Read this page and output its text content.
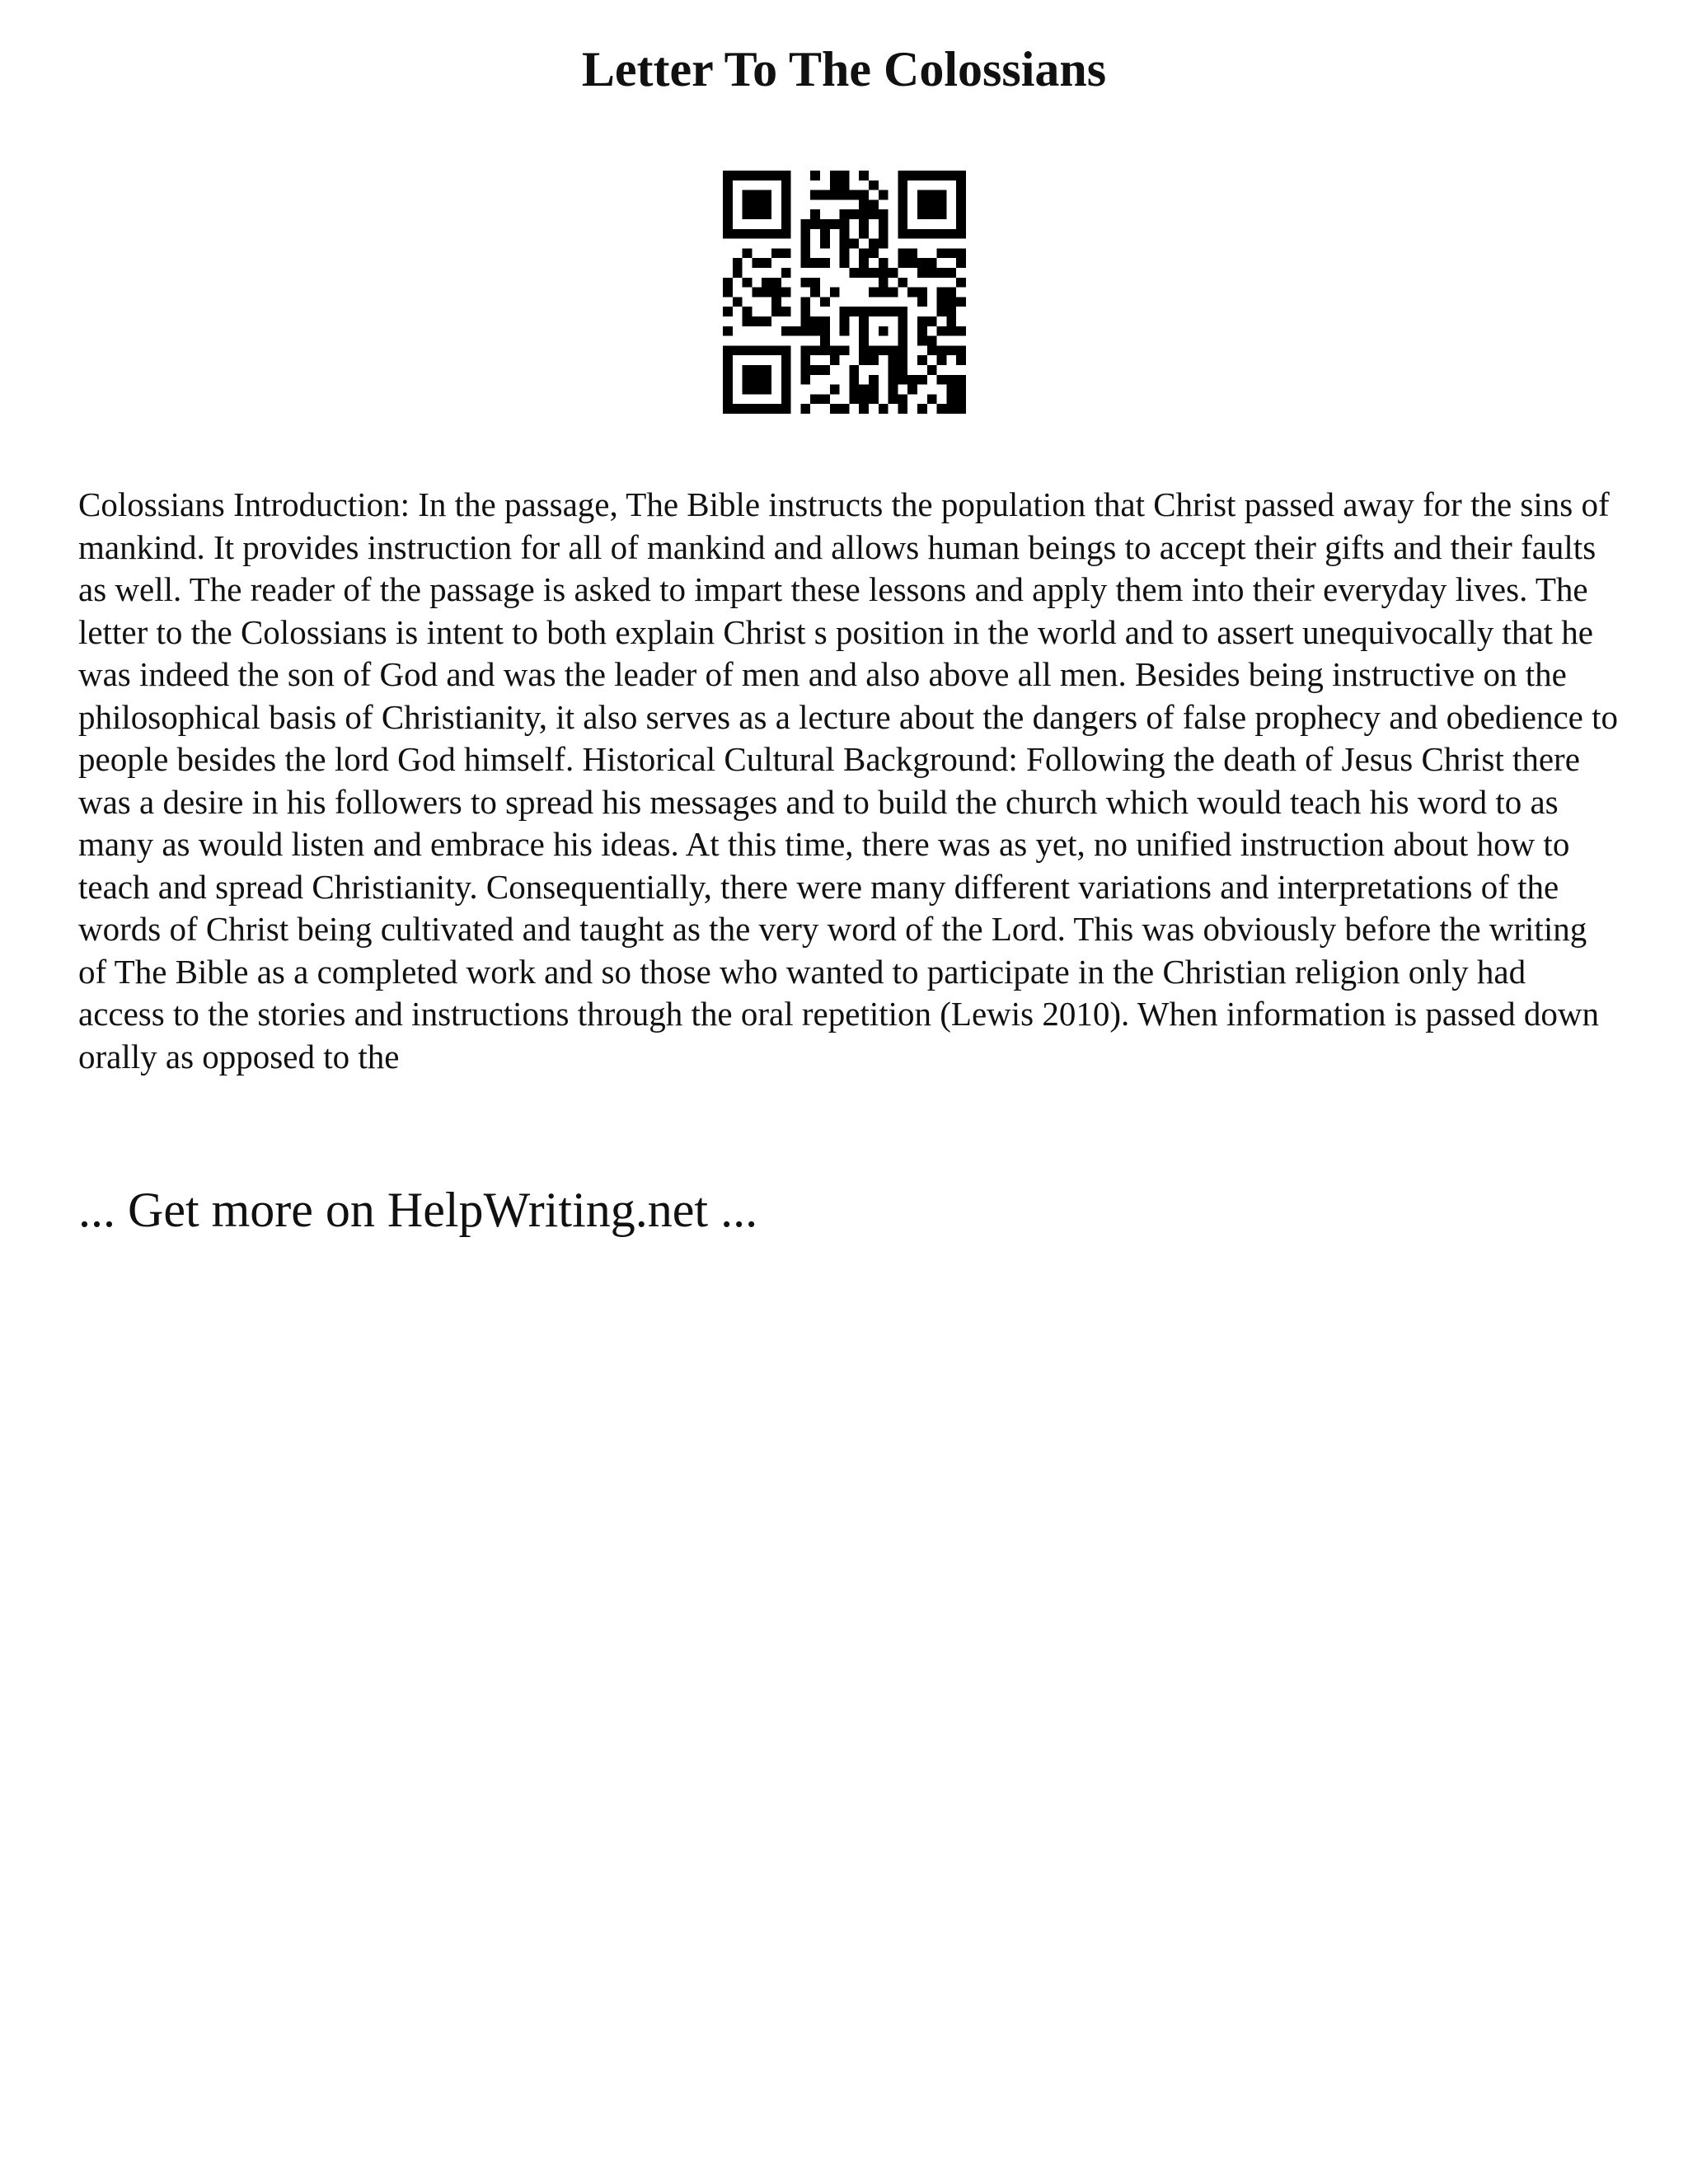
Letter To The Colossians

Colossians Introduction: In the passage, The Bible instructs the population that Christ passed away for the sins of mankind. It provides instruction for all of mankind and allows human beings to accept their gifts and their faults as well. The reader of the passage is asked to impart these lessons and apply them into their everyday lives. The letter to the Colossians is intent to both explain Christ s position in the world and to assert unequivocally that he was indeed the son of God and was the leader of men and also above all men. Besides being instructive on the philosophical basis of Christianity, it also serves as a lecture about the dangers of false prophecy and obedience to people besides the lord God himself. Historical Cultural Background: Following the death of Jesus Christ there was a desire in his followers to spread his messages and to build the church which would teach his word to as many as would listen and embrace his ideas. At this time, there was as yet, no unified instruction about how to teach and spread Christianity. Consequentially, there were many different variations and interpretations of the words of Christ being cultivated and taught as the very word of the Lord. This was obviously before the writing of The Bible as a completed work and so those who wanted to participate in the Christian religion only had access to the stories and instructions through the oral repetition (Lewis 2010). When information is passed down orally as opposed to the

... Get more on HelpWriting.net ...
